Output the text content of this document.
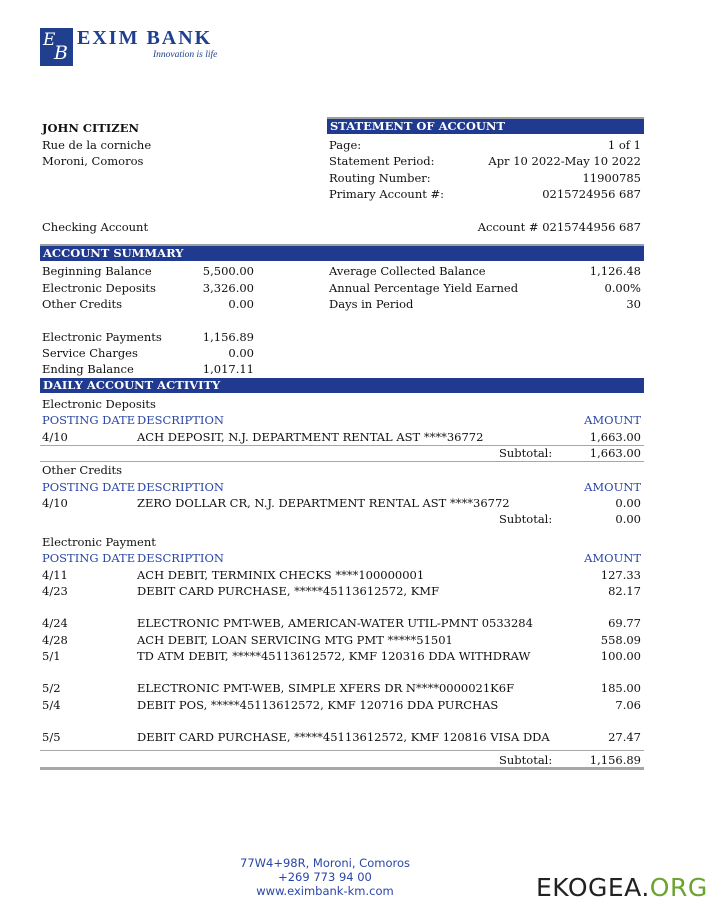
E
B
EXIM BANK
Innovation is life
JOHN CITIZEN
Rue de la corniche
Moroni, Comoros
STATEMENT OF ACCOUNT
Page:	1 of 1
Statement Period:	Apr 10 2022-May 10 2022
Routing Number:	11900785
Primary Account #:	0215724956 687
Checking Account	Account # 0215744956 687
ACCOUNT SUMMARY
Beginning Balance	5,500.00
Electronic Deposits	3,326.00
Other Credits	0.00
Electronic Payments	1,156.89
Service Charges	0.00
Ending Balance	1,017.11
Average Collected Balance	1,126.48
Annual Percentage Yield Earned	0.00%
Days in Period	30
DAILY ACCOUNT ACTIVITY
Electronic Deposits
POSTING DATE DESCRIPTION	AMOUNT
4/10	ACH DEPOSIT, N.J. DEPARTMENT RENTAL AST ****36772	1,663.00
Subtotal:	1,663.00
Other Credits
POSTING DATE DESCRIPTION	AMOUNT
4/10	ZERO DOLLAR CR, N.J. DEPARTMENT RENTAL AST ****36772	0.00
Subtotal:	0.00
Electronic Payment
POSTING DATE DESCRIPTION	AMOUNT
4/11	ACH DEBIT, TERMINIX CHECKS ****100000001	127.33
4/23	DEBIT CARD PURCHASE, *****45113612572, KMF	82.17
4/24	ELECTRONIC PMT-WEB, AMERICAN-WATER UTIL-PMNT 0533284	69.77
4/28	ACH DEBIT, LOAN SERVICING MTG PMT *****51501	558.09
5/1	TD ATM DEBIT, *****45113612572, KMF 120316 DDA WITHDRAW	100.00
5/2	ELECTRONIC PMT-WEB, SIMPLE XFERS DR N****0000021K6F	185.00
5/4	DEBIT POS, *****45113612572, KMF 120716 DDA PURCHAS	7.06
5/5	DEBIT CARD PURCHASE, *****45113612572, KMF 120816 VISA DDA	27.47
Subtotal:	1,156.89
77W4+98R, Moroni, Comoros
+269 773 94 00
www.eximbank-km.com	EKOGEA.ORG
